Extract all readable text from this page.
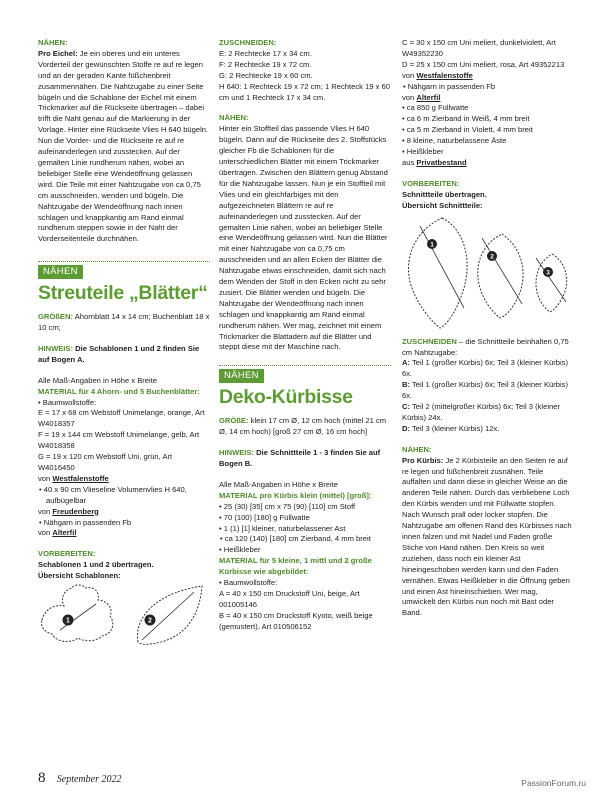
NÄHEN:

Pro Eichel: Je ein oberes und ein unteres Vorderteil der gewünschten Stoffe re auf re legen und an der geraden Kante füßchenbreit zusammennähen. Die Nahtzugabe zu einer Seite bügeln und die Schablone der Eichel mit einem Trickmarker auf die Rückseite übertragen – dabei trifft die Naht genau auf die Markierung in der Vorlage. Hinter eine Rückseite Vlies H 640 bügeln. Nun die Vorder- und die Rückseite re auf re aufeinanderlegen und zusstecken. Auf der gemalten Linie rundherum nähen, wobei an beliebiger Stelle eine Wendeöffnung gelassen wird. Die Teile mit einer Nahtzugabe von ca 0,75 cm ausschneiden, wenden und bügeln. Die Nahtzugabe der Wendeöffnung nach innen schlagen und knappkantig am Rand einmal rundherum steppen sowie in der Naht der Vorderseitenteile durchnähen.

NÄHEN
Streuteile „Blätter“

GRÖßEN: Ahornblatt 14 x 14 cm; Buchenblatt 18 x 10 cm;

HINWEIS: Die Schablonen 1 und 2 finden Sie auf Bogen A.

Alle Maß-Angaben in Höhe x Breite

MATERIAL für 4 Ahorn- und 5 Buchenblätter:

• Baumwollstoffe:

E = 17 x 68 cm Webstoff Unimelange, orange, Art W4018357

F = 19 x 144 cm Webstoff Unimelange, gelb, Art W4018358

G = 19 x 120 cm Webstoff Uni, grün, Art W4016450

von Westfalenstoffe

• 40 x 90 cm Vlieseline Volumenvlies H 640, aufbügelbar

von Freudenberg

• Nähgarn in passenden Fb

von Alterfil

VORBEREITEN:

Schablonen 1 und 2 übertragen.

Übersicht Schablonen:

1	2
ZUSCHNEIDEN:

E: 2 Rechtecke 17 x 34 cm.

F: 2 Rechtecke 19 x 72 cm.

G: 2 Rechtecke 19 x 60 cm.

H 640: 1 Rechteck 19 x 72 cm; 1 Rechteck 19 x 60 cm und 1 Rechteck 17 x 34 cm.

NÄHEN:

Hinter ein Stoffteil das passende Vlies H 640 bügeln. Dann auf die Rückseite des 2. Stoffstücks gleicher Fb die Schablonen für die unterschiedlichen Blätter mit einem Trickmarker übertragen. Zwischen den Blättern genug Abstand für die Nahtzugabe lassen. Nun je ein Stoffteil mit Vlies und ein gleichfarbiges mit den aufgezeichneten Blättern re auf re aufeinanderlegen und zusstecken. Auf der gemalten Linie nähen, wobei an beliebiger Stelle eine Wendeöffnung gelassen wird. Nun die Blätter mit einer Nahtzugabe von ca 0,75 cm ausschneiden und an allen Ecken der Blätter die Nahtzugabe etwas einschneiden, damit sich nach dem Wenden der Stoff in den Ecken nicht zu sehr zusiert. Die Blätter wenden und bügeln. Die Nahtzugabe der Wendeöffnung nach innen schlagen und knappkantig am Rand einmal rundherum nähen. Wer mag, zeichnet mit einem Trickmarker die Blattadern auf die Blätter und steppt diese mit der Maschine nach.

NÄHEN
Deko-Kürbisse

GRÖßE: klein 17 cm Ø, 12 cm hoch (mittel 21 cm Ø, 14 cm hoch) [groß 27 cm Ø, 16 cm hoch]

HINWEIS: Die Schnittteile 1 - 3 finden Sie auf Bogen B.

Alle Maß-Angaben in Höhe x Breite

MATERIAL pro Kürbis klein (mittel) [groß]:

• 25 (30) [35] cm x 75 (90) [110] cm Stoff

• 70 (100) [180] g Füllwatte

• 1 (1) [1] kleiner, naturbelassener Ast

• ca 120 (140) [180] cm Zierband, 4 mm breit

• Heißkleber

MATERIAL für 5 kleine, 1 mittl und 2 große Kürbisse wie abgebildet:

• Baumwollstoffe:

A = 40 x 150 cm Druckstoff Uni, beige, Art 001005146

B = 40 x 150 cm Druckstoff Kyoto, weiß beige (gemustert), Art 010506152

C = 30 x 150 cm Uni meliert, dunkelviolett, Art W49352230

D = 25 x 150 cm Uni meliert, rosa, Art 49352213

von Westfalenstoffe

• Nähgarn in passenden Fb

von Alterfil

• ca 850 g Füllwatte

• ca 6 m Zierband in Weiß, 4 mm breit

• ca 5 m Zierband in Violett, 4 mm breit

• 8 kleine, naturbelassene Äste

• Heißkleber

aus Privatbestand

VORBEREITEN:

Schnittteile übertragen.

Übersicht Schnittteile:

1
2
3

ZUSCHNEIDEN – die Schnittteile beinhalten 0,75 cm Nahtzugabe:

A: Teil 1 (großer Kürbis) 6x; Teil 3 (kleiner Kürbis) 6x.

B: Teil 1 (großer Kürbis) 6x; Teil 3 (kleiner Kürbis) 6x.

C: Teil 2 (mittelgroßer Kürbis) 6x; Teil 3 (kleiner Kürbis) 24x.

D: Teil 3 (kleiner Kürbis) 12x.

NÄHEN:

Pro Kürbis: Je 2 Kürbisteile an den Seiten re auf re legen und füßchenbreit zusnähen. Teile auffalten und dann diese in gleicher Weise an die anderen Teile nähen. Durch das verbliebene Loch den Kürbis wenden und mit Füllwatte stopfen. Nach Wunsch prall oder locker stopfen. Die Nahtzugabe am offenen Rand des Kürbisses nach innen falzen und mit Nadel und Faden große Stiche von Hand nähen. Den Kreis so weit zuziehen, dass noch ein kleiner Ast hineingeschoben werden kann und den Faden vernähen. Etwas Heißkleber in die Öffnung geben und einen Ast hineinschieben. Wer mag, umwickelt den Kürbis nun noch mit Bast oder Band.

8 September 2022	PassionForum.ru
